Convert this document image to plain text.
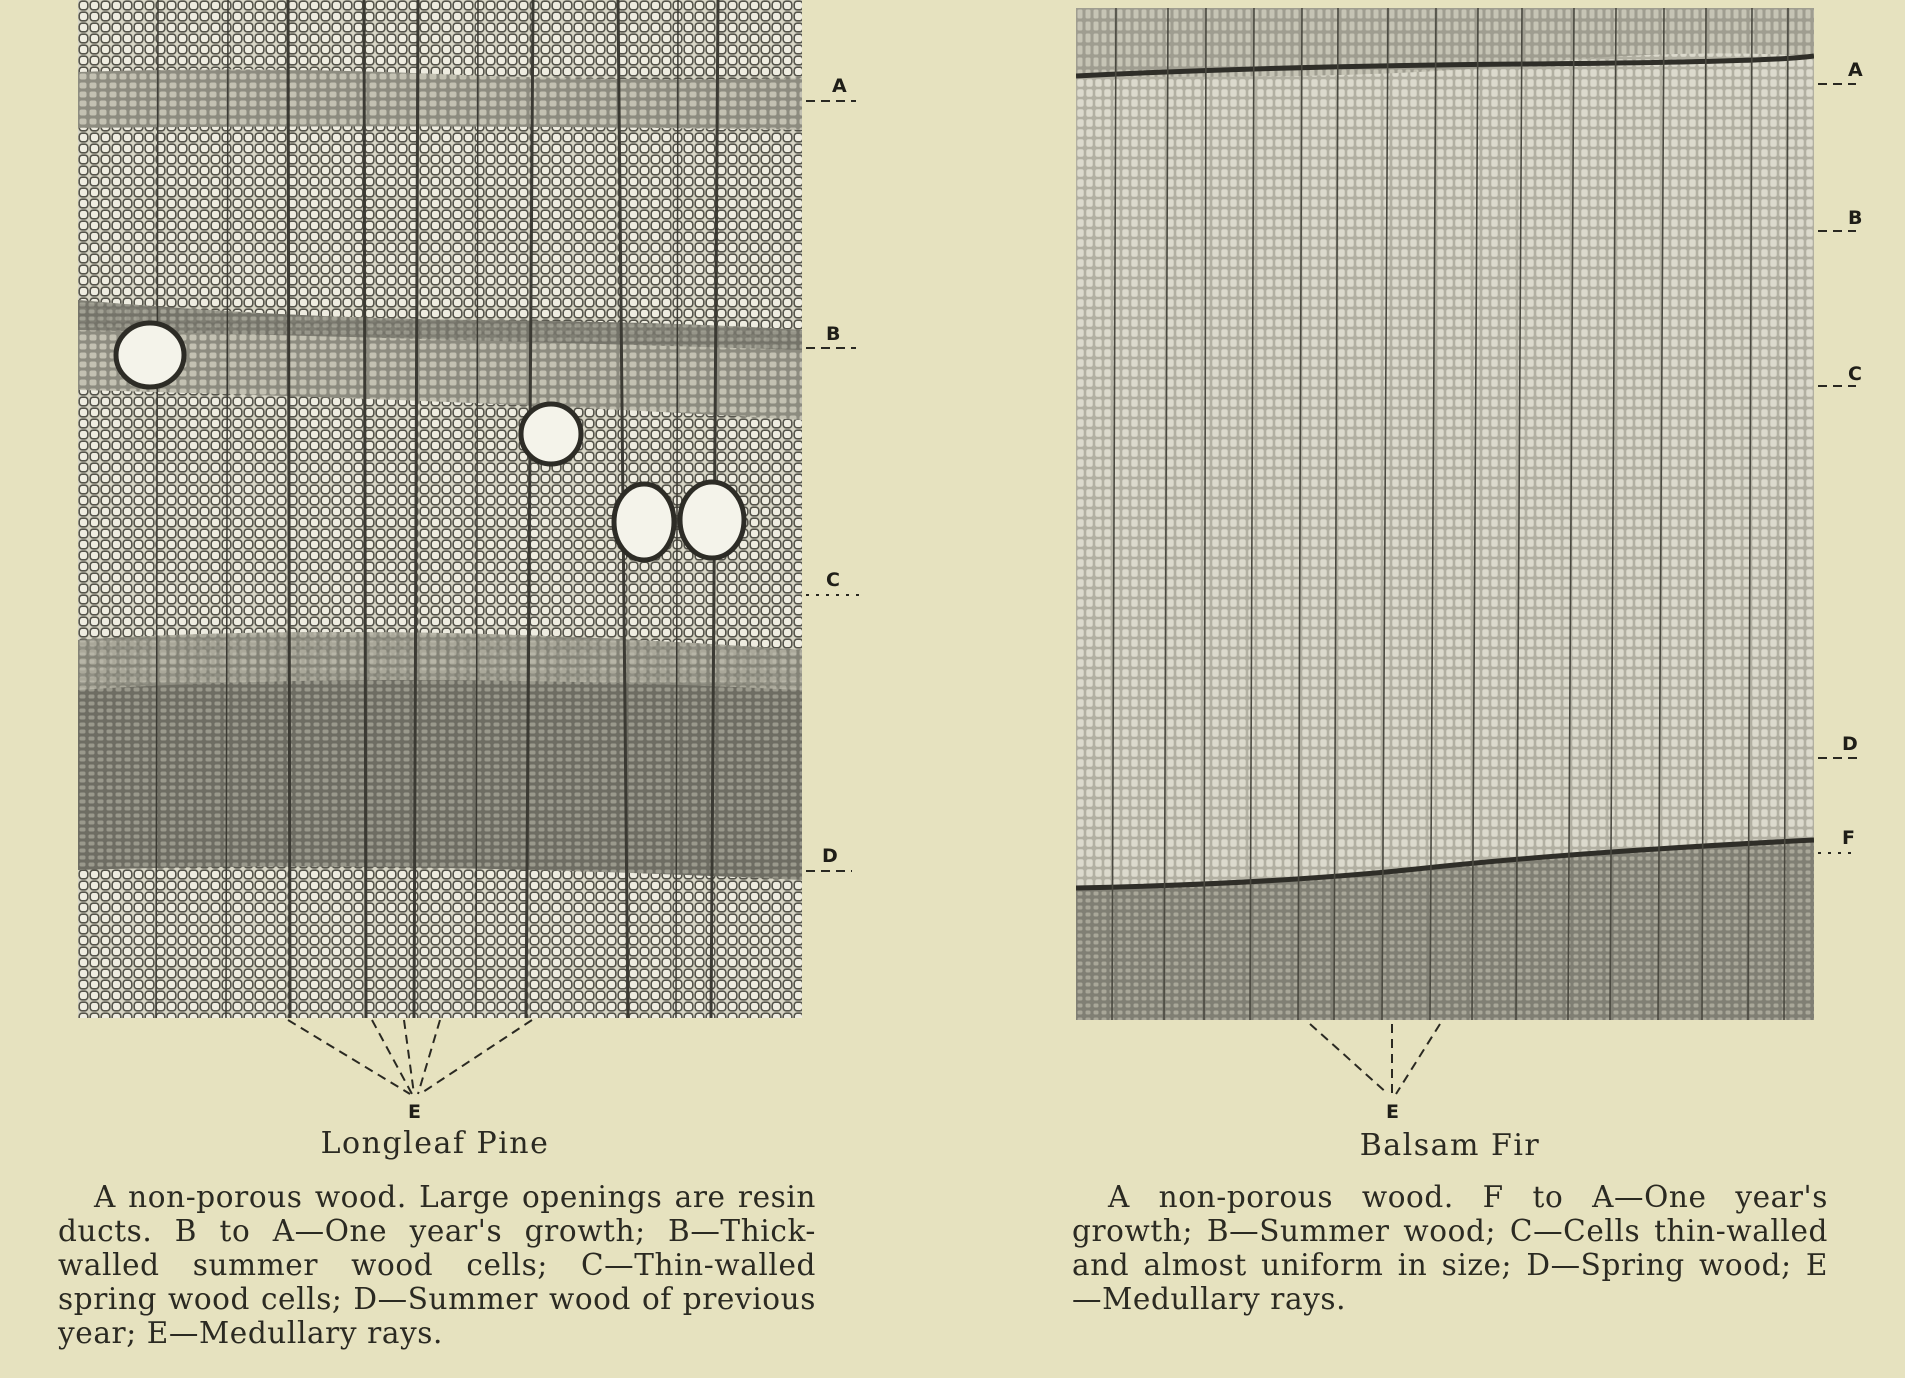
A
B
C
D
E
A
B
C
D
F
E
Longleaf Pine	Balsam Fir

A non-porous wood. Large openings are resin ducts. B to A—One year's growth; B—Thick-walled summer wood cells; C—Thin-walled spring wood cells; D—Summer wood of previous year; E—Medullary rays.

A non-porous wood. F to A—One year's growth; B—Summer wood; C—Cells thin-walled and almost uniform in size; D—Spring wood; E—Medullary rays.
